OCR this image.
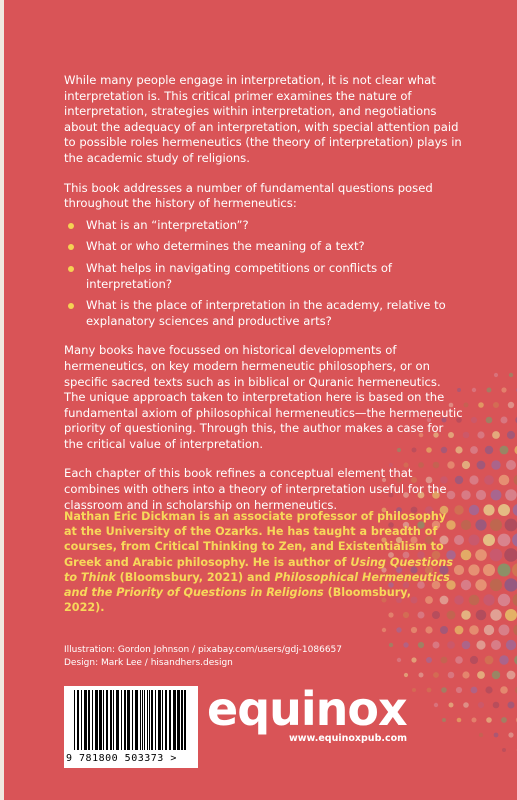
While many people engage in interpretation, it is not clear what interpretation is. This critical primer examines the nature of interpretation, strategies within interpretation, and negotiations about the adequacy of an interpretation, with special attention paid to possible roles hermeneutics (the theory of interpretation) plays in the academic study of religions.

This book addresses a number of fundamental questions posed throughout the history of hermeneutics:

What is an “interpretation”?
What or who determines the meaning of a text?
What helps in navigating competitions or conflicts of interpretation?
What is the place of interpretation in the academy, relative to explanatory sciences and productive arts?

Many books have focussed on historical developments of hermeneutics, on key modern hermeneutic philosophers, or on specific sacred texts such as in biblical or Quranic hermeneutics. The unique approach taken to interpretation here is based on the fundamental axiom of philosophical hermeneutics—the hermeneutic priority of questioning. Through this, the author makes a case for the critical value of interpretation.

Each chapter of this book refines a conceptual element that combines with others into a theory of interpretation useful for the classroom and in scholarship on hermeneutics.

Nathan Eric Dickman is an associate professor of philosophy at the University of the Ozarks. He has taught a breadth of courses, from Critical Thinking to Zen, and Existentialism to Greek and Arabic philosophy. He is author of Using Questions to Think (Bloomsbury, 2021) and Philosophical Hermeneutics and the Priority of Questions in Religions (Bloomsbury, 2022).
Illustration: Gordon Johnson / pixabay.com/users/gdj-1086657
Design: Mark Lee / hisandhers.design
9 781800 503373 >
equinox
www.equinoxpub.com
